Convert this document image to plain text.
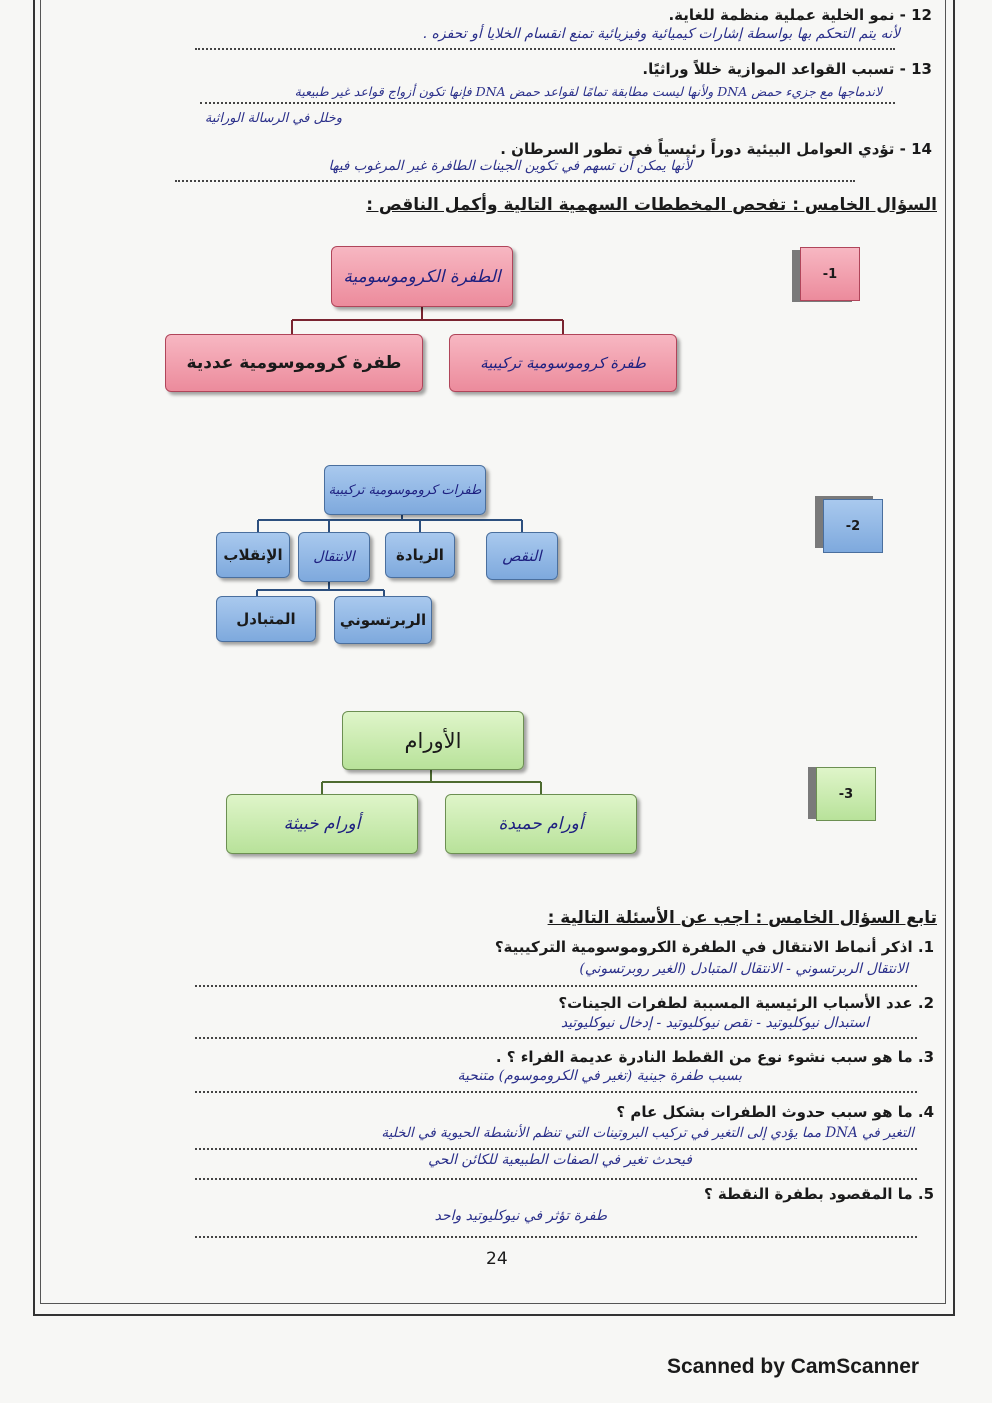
12 - نمو الخلية عملية منظمة للغاية.
لأنه يتم التحكم بها بواسطة إشارات كيميائية وفيزيائية تمنع انقسام الخلايا أو تحفزه .
13 - تسبب القواعد الموازية خللاً وراثيًا.
لاندماجها مع جزيء حمض DNA ولأنها ليست مطابقة تمامًا لقواعد حمض DNA فإنها تكون أزواج قواعد غير طبيعية
وخلل في الرسالة الوراثية
14 - تؤدي العوامل البيئية دوراً رئيسياً في تطور السرطان .
لأنها يمكن أن تسهم في تكوين الجينات الطافرة غير المرغوب فيها
السؤال الخامس : تفحص المخططات السهمية التالية وأكمل الناقص :
-1
الطفرة الكروموسومية
طفرة كروموسومية عددية	طفرة كروموسومية تركيبية
-2
طفرات كروموسومية تركيبية
الإنقلاب	الانتقال	الزيادة	النقص
المتبادل	الربرتسوني
-3
الأورام
أورام خبيثة	أورام حميدة
تابع السؤال الخامس : اجب عن الأسئلة التالية :
1. اذكر أنماط الانتقال في الطفرة الكروموسومية التركيبية؟
الانتقال الربرتسوني - الانتقال المتبادل (الغير روبرتسوني)
2. عدد الأسباب الرئيسية المسببة لطفرات الجينات؟
استبدال نيوكليوتيد - نقص نيوكليوتيد - إدخال نيوكليوتيد
3. ما هو سبب نشوء نوع من القطط النادرة عديمة الفراء ؟ .
بسبب طفرة جينية (تغير في الكروموسوم) متنحية
4. ما هو سبب حدوث الطفرات بشكل عام ؟
التغير في DNA مما يؤدي إلى التغير في تركيب البروتينات التي تنظم الأنشطة الحيوية في الخلية
فيحدث تغير في الصفات الطبيعية للكائن الحي
5. ما المقصود بطفرة النقطة ؟
طفرة تؤثر في نيوكليوتيد واحد
24
Scanned by CamScanner
